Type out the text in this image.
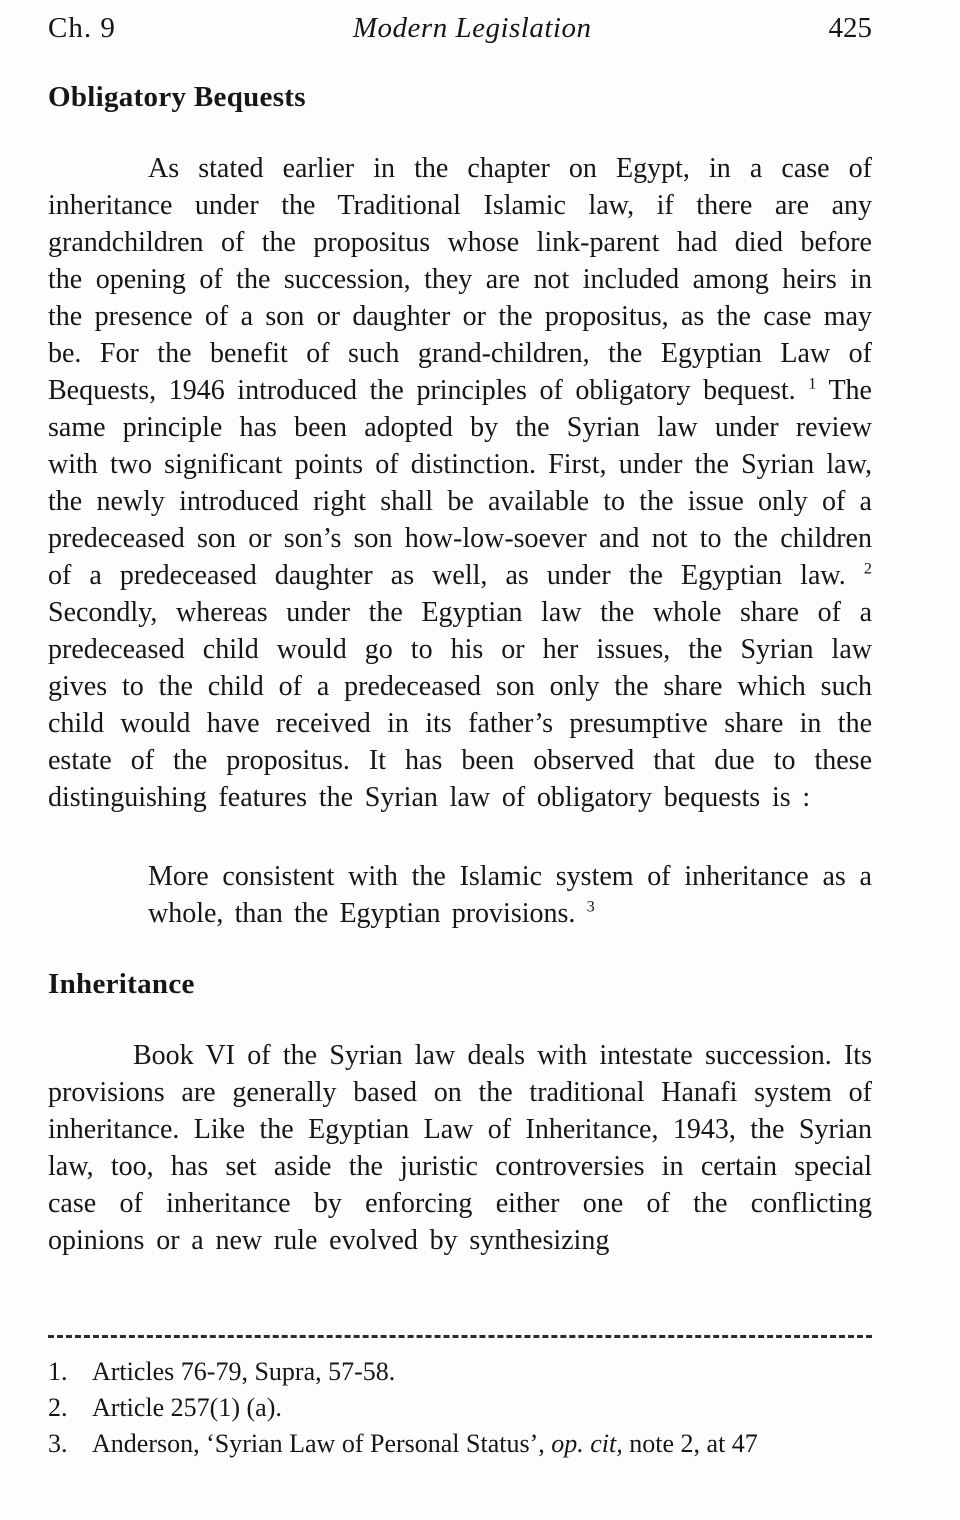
Ch. 9	Modern Legislation	425
Obligatory Bequests

As stated earlier in the chapter on Egypt, in a case of inheritance under the Traditional Islamic law, if there are any grandchildren of the propositus whose link-parent had died before the opening of the succession, they are not included among heirs in the presence of a son or daughter or the propositus, as the case may be. For the benefit of such grand-children, the Egyptian Law of Bequests, 1946 introduced the principles of obligatory bequest. $^1$ The same principle has been adopted by the Syrian law under review with two significant points of distinction. First, under the Syrian law, the newly introduced right shall be available to the issue only of a predeceased son or son’s son how-low-soever and not to the children of a predeceased daughter as well, as under the Egyptian law. $^2$ Secondly, whereas under the Egyptian law the whole share of a predeceased child would go to his or her issues, the Syrian law gives to the child of a predeceased son only the share which such child would have received in its father’s presumptive share in the estate of the propositus. It has been observed that due to these distinguishing features the Syrian law of obligatory bequests is :

More consistent with the Islamic system of inheritance as a whole, than the Egyptian provisions. $^3$
Inheritance

Book VI of the Syrian law deals with intestate succession. Its provisions are generally based on the traditional Hanafi system of inheritance. Like the Egyptian Law of Inheritance, 1943, the Syrian law, too, has set aside the juristic controversies in certain special case of inheritance by enforcing either one of the conflicting opinions or a new rule evolved by synthesizing

1. Articles 76-79, Supra, 57-58.
2. Article 257(1) (a).
3. Anderson, ‘Syrian Law of Personal Status’, op. cit, note 2, at 47
